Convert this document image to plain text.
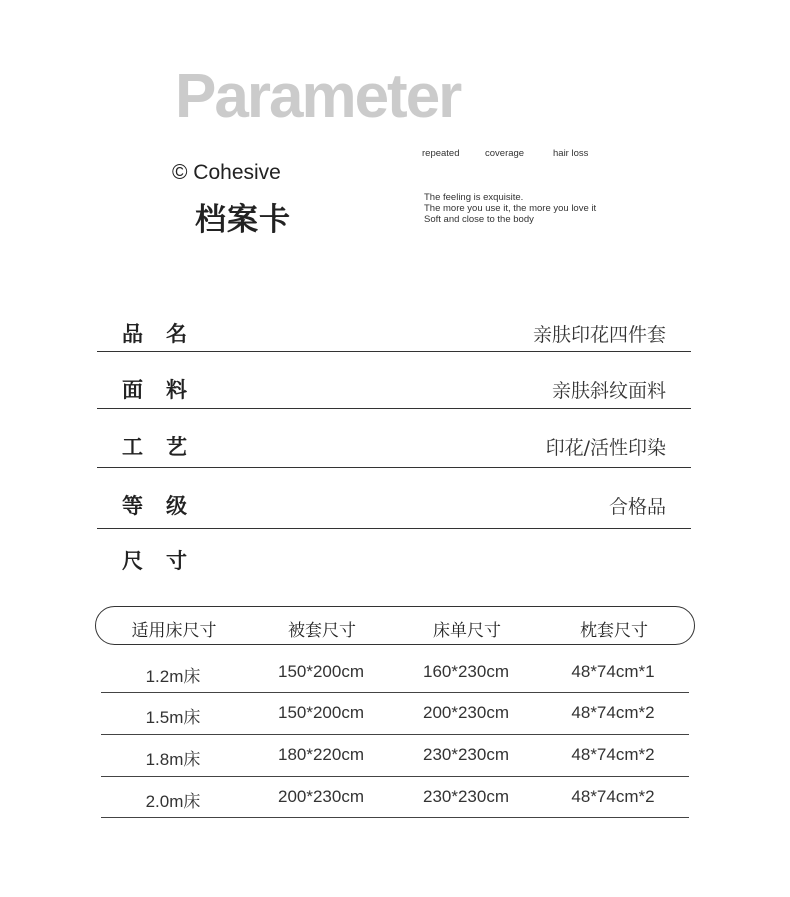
Parameter
© Cohesive
档案卡
repeated	coverage	hair loss
The feeling is exquisite.
The more you use it, the more you love it
Soft and close to the body
品名	亲肤印花四件套
面料	亲肤斜纹面料
工艺	印花/活性印染
等级	合格品
尺寸
适用床尺寸	被套尺寸	床单尺寸	枕套尺寸
1.2m床	150*200cm	160*230cm	48*74cm*1
1.5m床	150*200cm	200*230cm	48*74cm*2
1.8m床	180*220cm	230*230cm	48*74cm*2
2.0m床	200*230cm	230*230cm	48*74cm*2
